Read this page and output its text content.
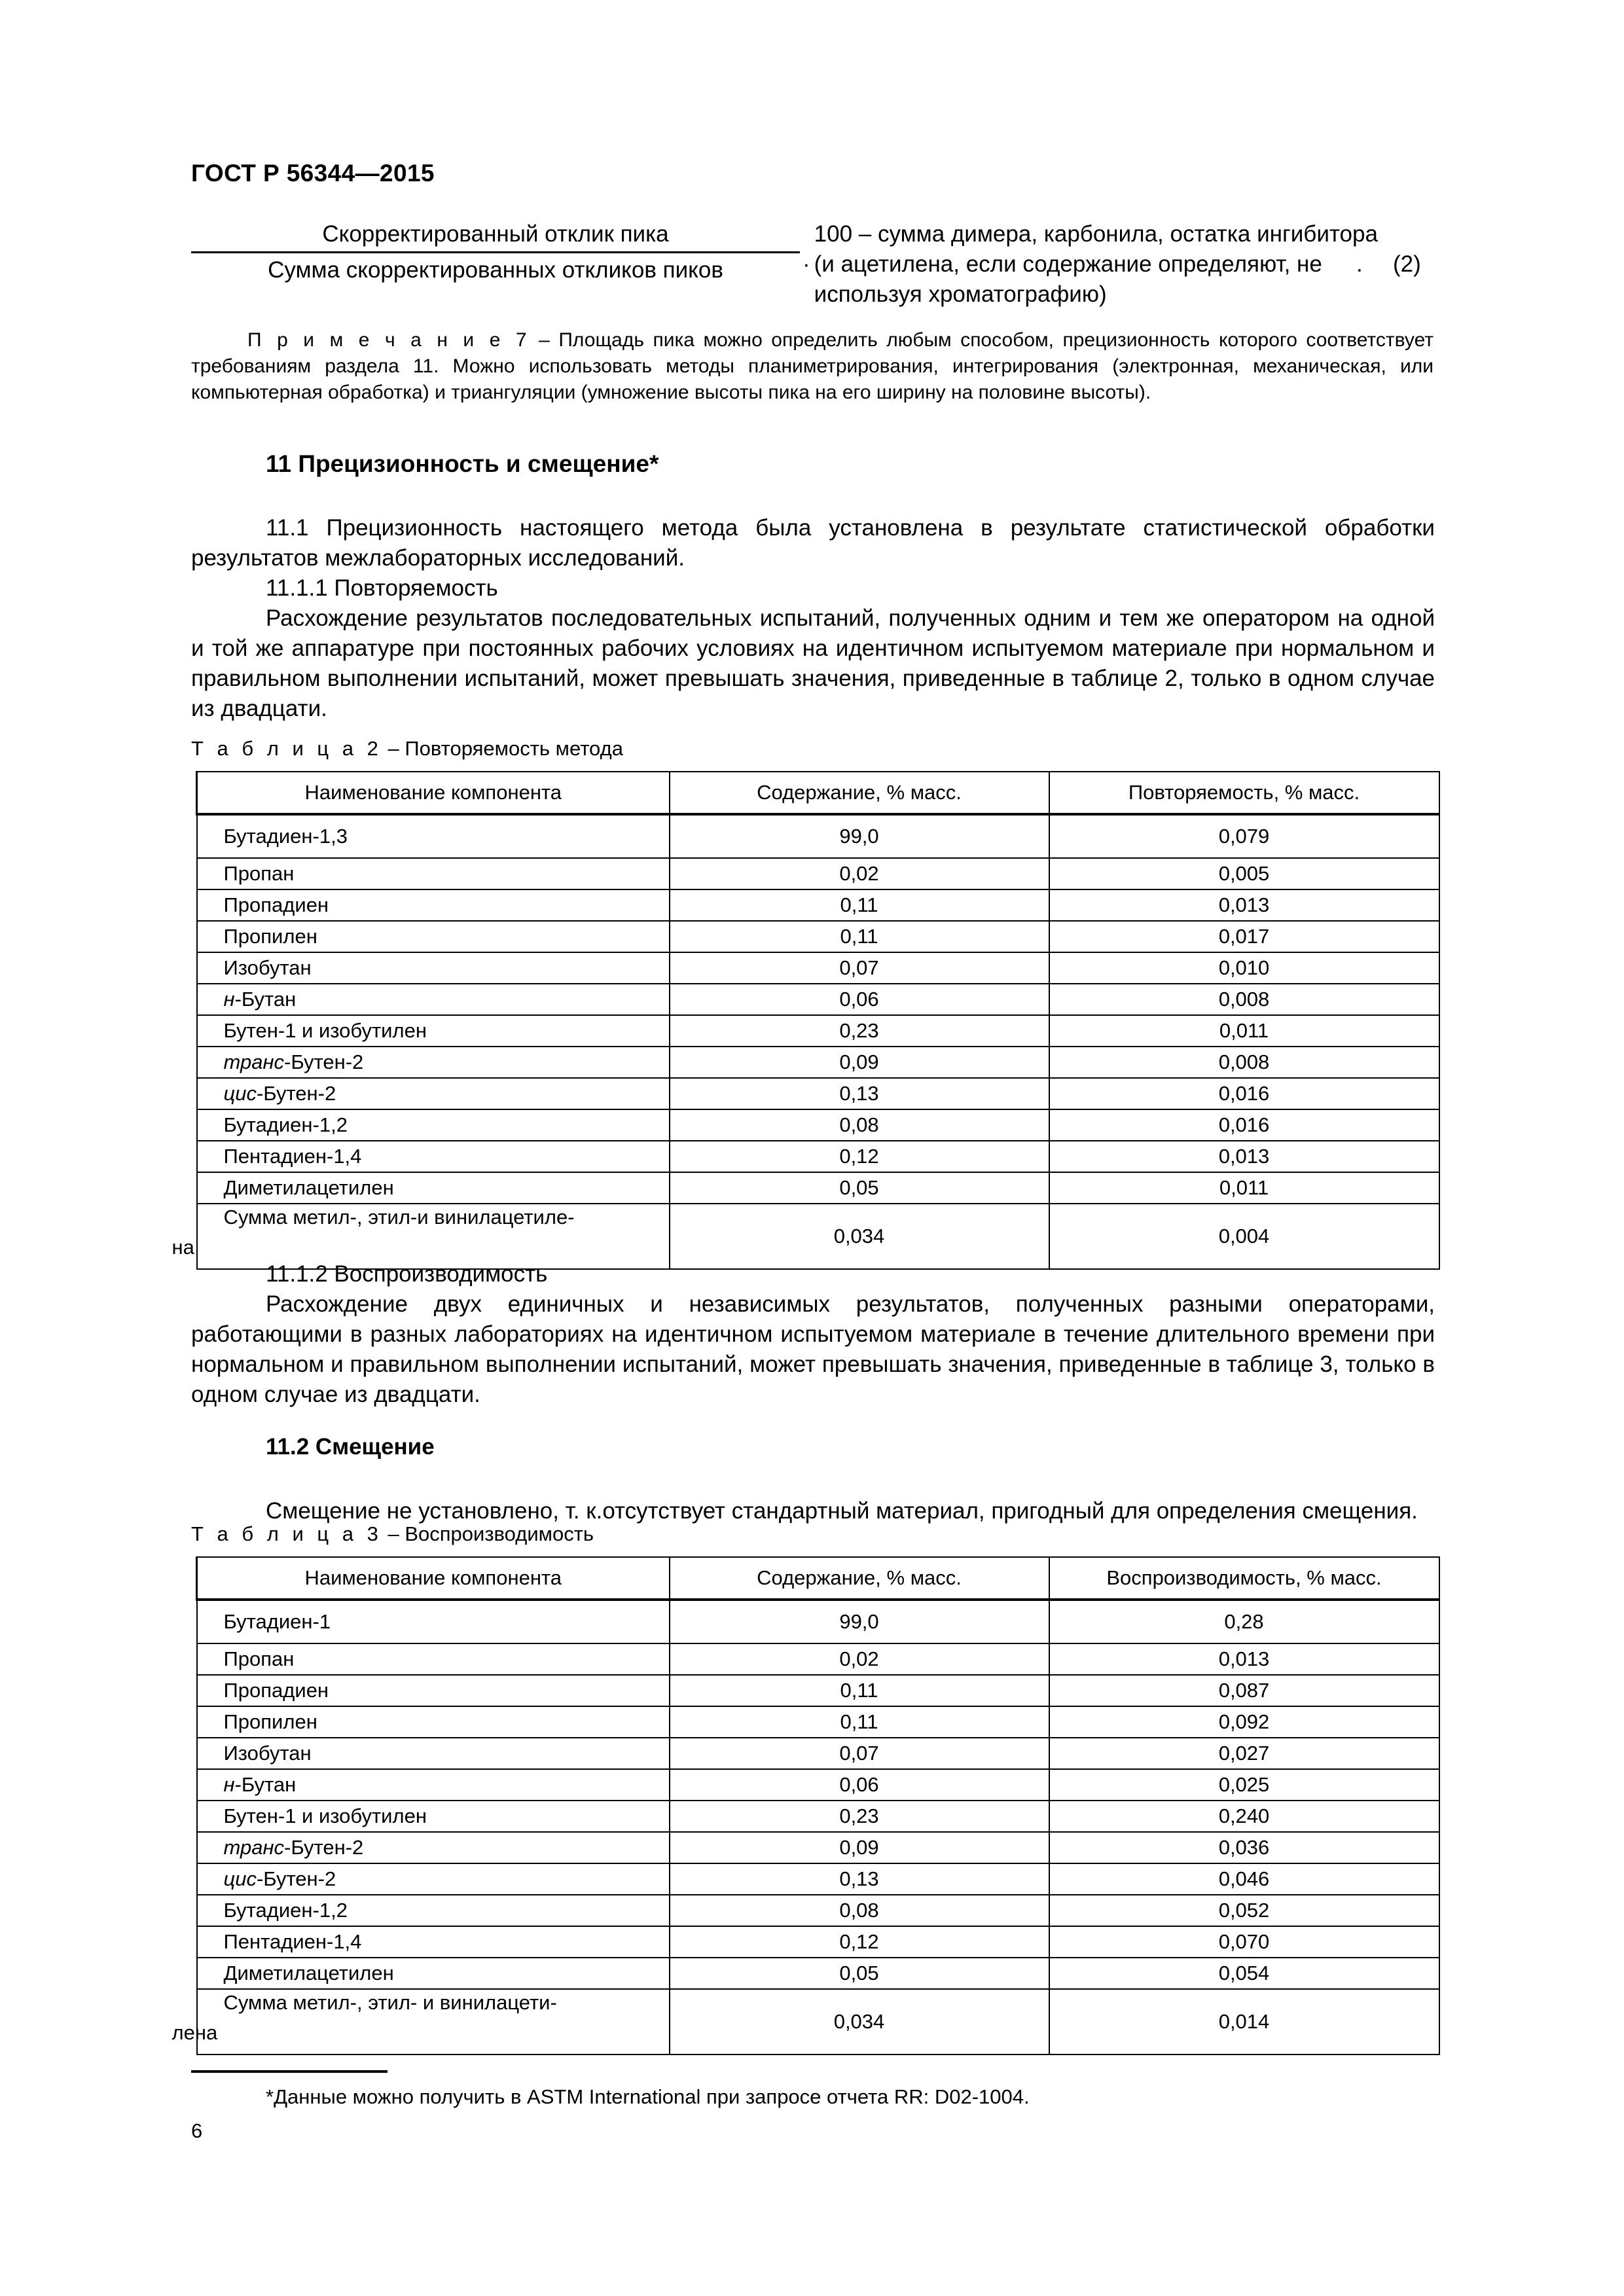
ГОСТ Р 56344—2015
$\frac{\text{Скорректированный отклик пика}}{\text{Сумма скорректированных откликов пиков}}$ ·
100 – сумма димера, карбонила, остатка ингибитора (и ацетилена, если содержание определяют, не используя хроматографию)
. (2)
П р и м е ч а н и е 7 – Площадь пика можно определить любым способом, прецизионность которого соответствует требованиям раздела 11. Можно использовать методы планиметрирования, интегрирования (электронная, механическая, или компьютерная обработка) и триангуляции (умножение высоты пика на его ширину на половине высоты).
11 Прецизионность и смещение*
11.1 Прецизионность настоящего метода была установлена в результате статистической обработки результатов межлабораторных исследований.
11.1.1 Повторяемость
Расхождение результатов последовательных испытаний, полученных одним и тем же оператором на одной и той же аппаратуре при постоянных рабочих условиях на идентичном испытуемом материале при нормальном и правильном выполнении испытаний, может превышать значения, приведенные в таблице 2, только в одном случае из двадцати.
Т а б л и ц а 2 – Повторяемость метода
Наименование компонента	Содержание, % масс.	Повторяемость, % масс.
Бутадиен-1,3	99,0	0,079
Пропан	0,02	0,005
Пропадиен	0,11	0,013
Пропилен	0,11	0,017
Изобутан	0,07	0,010
н-Бутан	0,06	0,008
Бутен-1 и изобутилен	0,23	0,011
транс-Бутен-2	0,09	0,008
цис-Бутен-2	0,13	0,016
Бутадиен-1,2	0,08	0,016
Пентадиен-1,4	0,12	0,013
Диметилацетилен	0,05	0,011
Сумма метил-, этил-и винилацетиле-
на	0,034	0,004
11.1.2 Воспроизводимость
Расхождение двух единичных и независимых результатов, полученных разными операторами, работающими в разных лабораториях на идентичном испытуемом материале в течение длительного времени при нормальном и правильном выполнении испытаний, может превышать значения, приведенные в таблице 3, только в одном случае из двадцати.
11.2 Смещение
Смещение не установлено, т. к.отсутствует стандартный материал, пригодный для определения смещения.
Т а б л и ц а 3 – Воспроизводимость
Наименование компонента	Содержание, % масс.	Воспроизводимость, % масс.
Бутадиен-1	99,0	0,28
Пропан	0,02	0,013
Пропадиен	0,11	0,087
Пропилен	0,11	0,092
Изобутан	0,07	0,027
н-Бутан	0,06	0,025
Бутен-1 и изобутилен	0,23	0,240
транс-Бутен-2	0,09	0,036
цис-Бутен-2	0,13	0,046
Бутадиен-1,2	0,08	0,052
Пентадиен-1,4	0,12	0,070
Диметилацетилен	0,05	0,054
Сумма метил-, этил- и винилацети-
лена	0,034	0,014
*Данные можно получить в ASTM International при запросе отчета RR: D02-1004.
6
